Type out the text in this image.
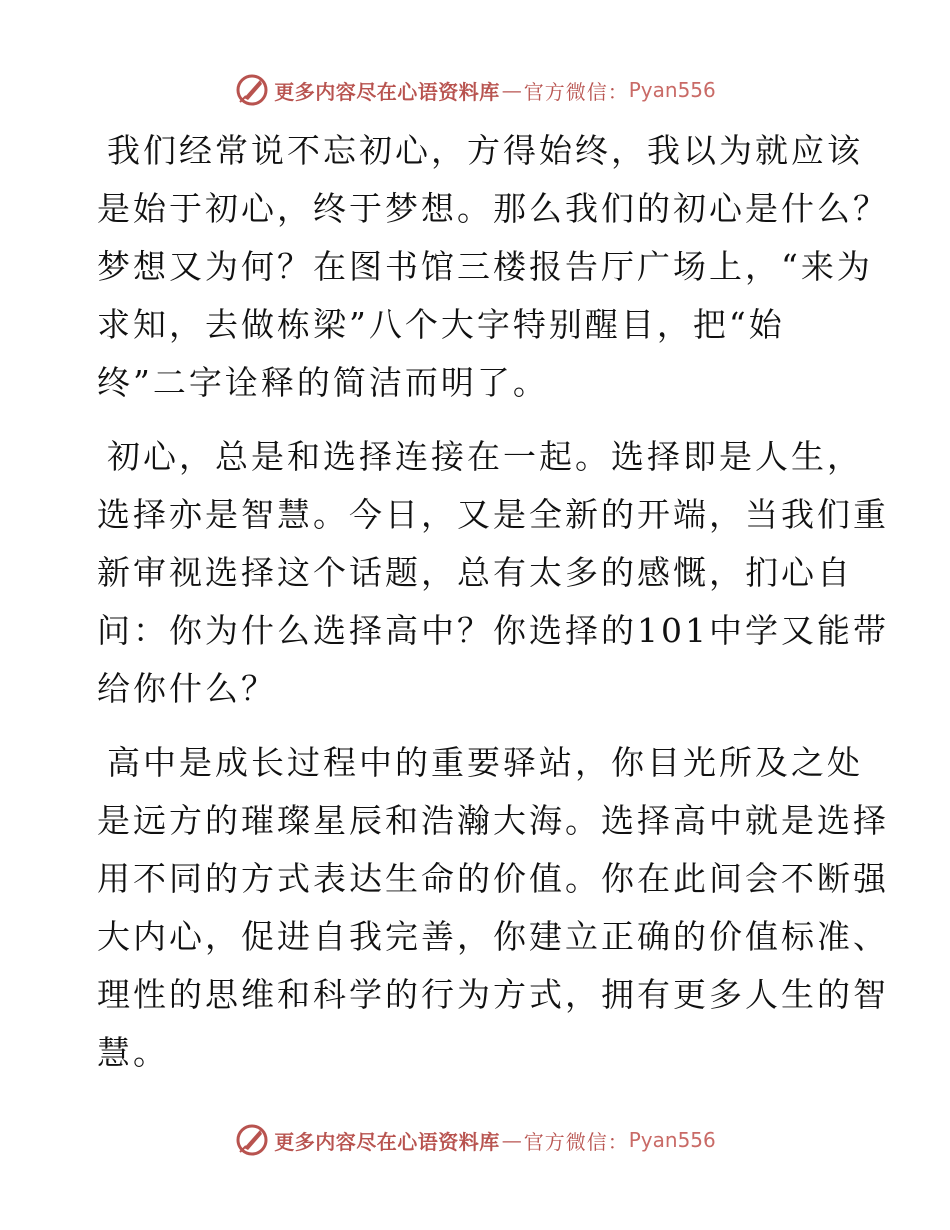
更多内容尽在心语资料库 — 官方微信： Pyan556

我们经常说不忘初心，方得始终，我以为就应该
是始于初心，终于梦想。那么我们的初心是什么？
梦想又为何？在图书馆三楼报告厅广场上，“来为
求知，去做栋梁”八个大字特别醒目，把“始
终”二字诠释的简洁而明了。

初心，总是和选择连接在一起。选择即是人生，
选择亦是智慧。今日，又是全新的开端，当我们重
新审视选择这个话题，总有太多的感慨，扪心自
问：你为什么选择高中？你选择的101中学又能带
给你什么？

高中是成长过程中的重要驿站，你目光所及之处
是远方的璀璨星辰和浩瀚大海。选择高中就是选择
用不同的方式表达生命的价值。你在此间会不断强
大内心，促进自我完善，你建立正确的价值标准、
理性的思维和科学的行为方式，拥有更多人生的智
慧。

更多内容尽在心语资料库 — 官方微信： Pyan556
